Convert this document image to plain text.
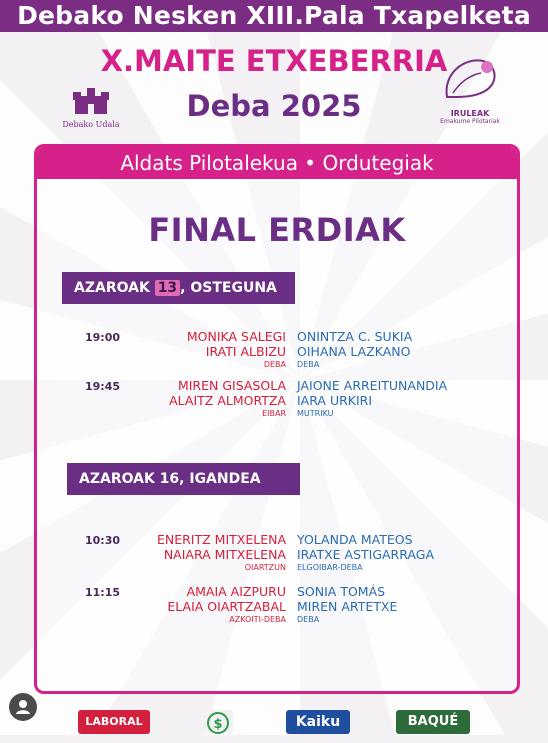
Debako Nesken XIII.Pala Txapelketa
X.MAITE ETXEBERRIA
Deba 2025
Debako Udala
IRULEAK
Emakume Pilotariak
Aldats Pilotalekua • Ordutegiak
FINAL ERDIAK
AZAROAK 13 , OSTEGUNA
19:00	MONIKA SALEGI
IRATI ALBIZU
DEBA
ONINTZA C. SUKIA
OIHANA LAZKANO
DEBA
19:45	MIREN GISASOLA
ALAITZ ALMORTZA
EIBAR
JAIONE ARREITUNANDIA
IARA URKIRI
MUTRIKU
AZAROAK 16, IGANDEA
10:30	ENERITZ MITXELENA
NAIARA MITXELENA
OIARTZUN
YOLANDA MATEOS
IRATXE ASTIGARRAGA
ELGOIBAR-DEBA
11:15	AMAIA AIZPURU
ELAIA OIARTZABAL
AZKOITI-DEBA
SONIA TOMÁS
MIREN ARTETXE
DEBA
LABORAL	$	Kaiku	BAQUÉ
